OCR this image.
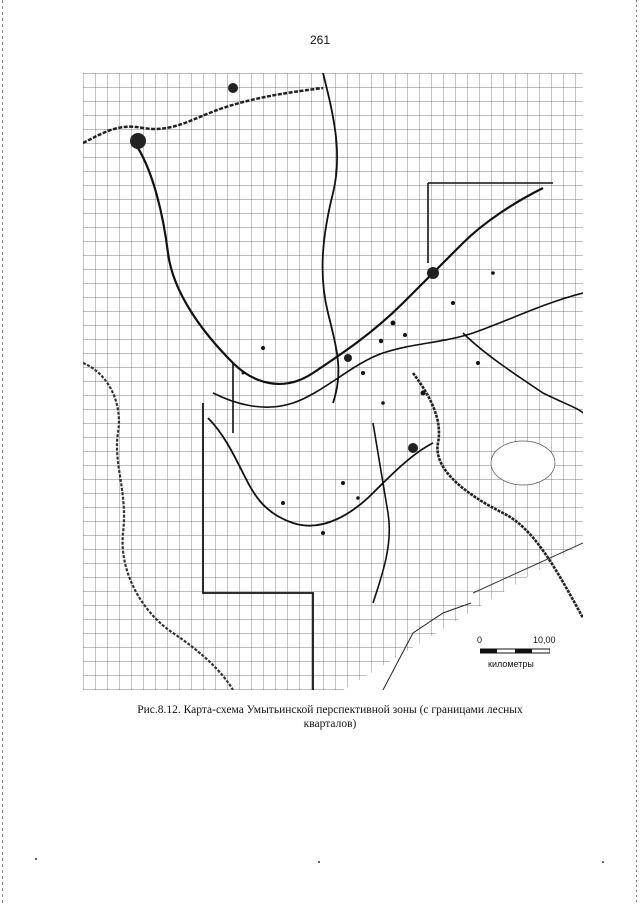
261
0	10,00
километры
Рис.8.12. Карта-схема Умытьинской перспективной зоны (с границами лесных
кварталов)
